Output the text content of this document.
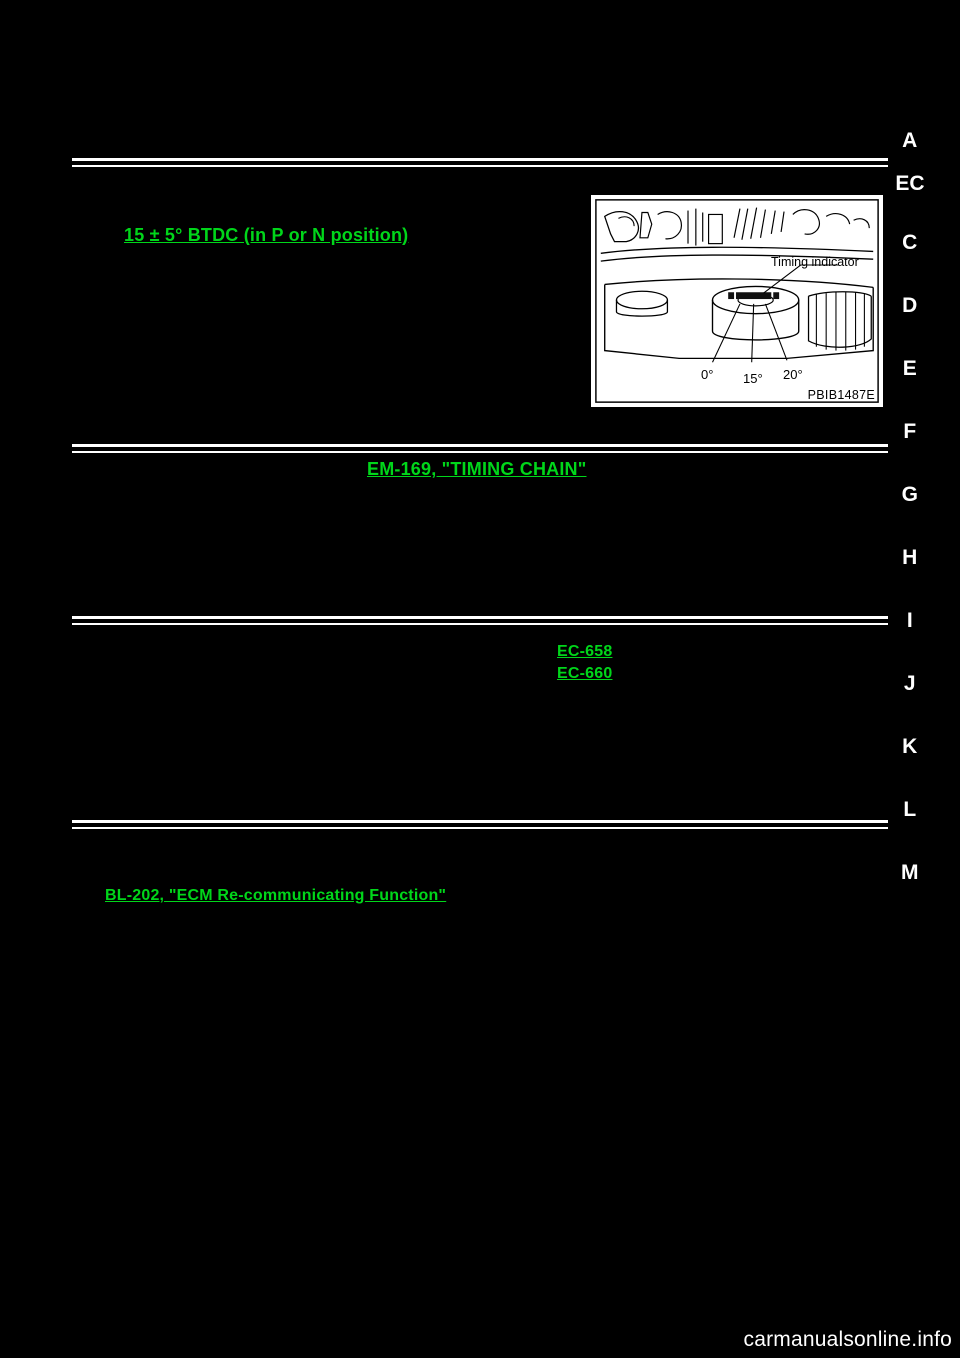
15 ± 5° BTDC (in P or N position)
EM-169, "TIMING CHAIN"
EC-658
EC-660
BL-202, "ECM Re-communicating Function"
Timing indicator
0° 15° 20°
PBIB1487E
A
EC
C
D
E
F
G
H
I
J
K
L
M
carmanualsonline.info
